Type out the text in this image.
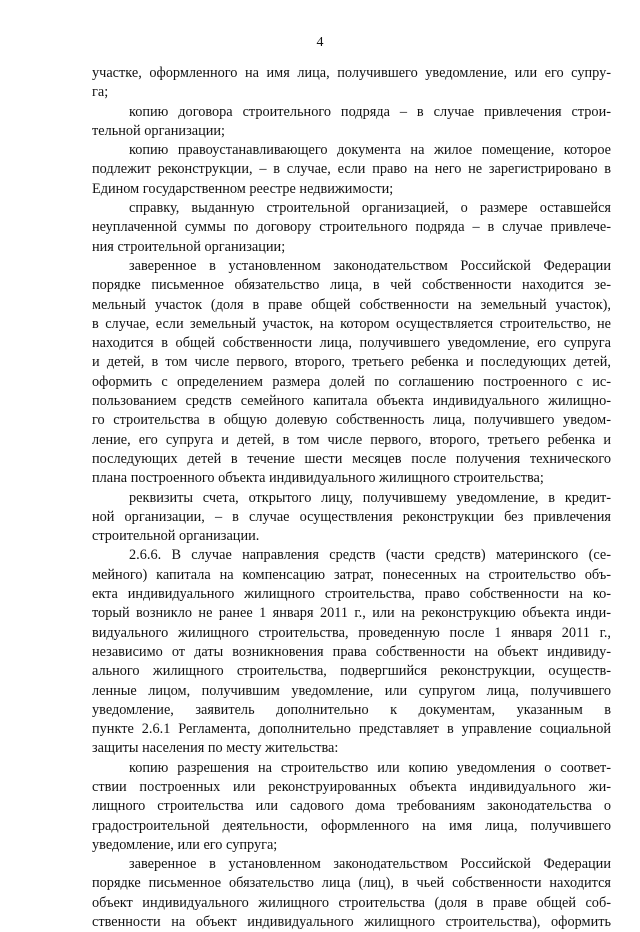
4
участке, оформленного на имя лица, получившего уведомление, или его супру-
га;
копию договора строительного подряда – в случае привлечения строи-
тельной организации;
копию правоустанавливающего документа на жилое помещение, которое
подлежит реконструкции, – в случае, если право на него не зарегистрировано в
Едином государственном реестре недвижимости;
справку, выданную строительной организацией, о размере оставшейся
неуплаченной суммы по договору строительного подряда – в случае привлече-
ния строительной организации;
заверенное в установленном законодательством Российской Федерации
порядке письменное обязательство лица, в чей собственности находится зе-
мельный участок (доля в праве общей собственности на земельный участок),
в случае, если земельный участок, на котором осуществляется строительство, не
находится в общей собственности лица, получившего уведомление, его супруга
и детей, в том числе первого, второго, третьего ребенка и последующих детей,
оформить с определением размера долей по соглашению построенного с ис-
пользованием средств семейного капитала объекта индивидуального жилищно-
го строительства в общую долевую собственность лица, получившего уведом-
ление, его супруга и детей, в том числе первого, второго, третьего ребенка и
последующих детей в течение шести месяцев после получения технического
плана построенного объекта индивидуального жилищного строительства;
реквизиты счета, открытого лицу, получившему уведомление, в кредит-
ной организации, – в случае осуществления реконструкции без привлечения
строительной организации.
2.6.6. В случае направления средств (части средств) материнского (се-
мейного) капитала на компенсацию затрат, понесенных на строительство объ-
екта индивидуального жилищного строительства, право собственности на ко-
торый возникло не ранее 1 января 2011 г., или на реконструкцию объекта инди-
видуального жилищного строительства, проведенную после 1 января 2011 г.,
независимо от даты возникновения права собственности на объект индивиду-
ального жилищного строительства, подвергшийся реконструкции, осуществ-
ленные лицом, получившим уведомление, или супругом лица, получившего
уведомление, заявитель дополнительно к документам, указанным в
пункте 2.6.1 Регламента, дополнительно представляет в управление социальной
защиты населения по месту жительства:
копию разрешения на строительство или копию уведомления о соответ-
ствии построенных или реконструированных объекта индивидуального жи-
лищного строительства или садового дома требованиям законодательства о
градостроительной деятельности, оформленного на имя лица, получившего
уведомление, или его супруга;
заверенное в установленном законодательством Российской Федерации
порядке письменное обязательство лица (лиц), в чьей собственности находится
объект индивидуального жилищного строительства (доля в праве общей соб-
ственности на объект индивидуального жилищного строительства), оформить
